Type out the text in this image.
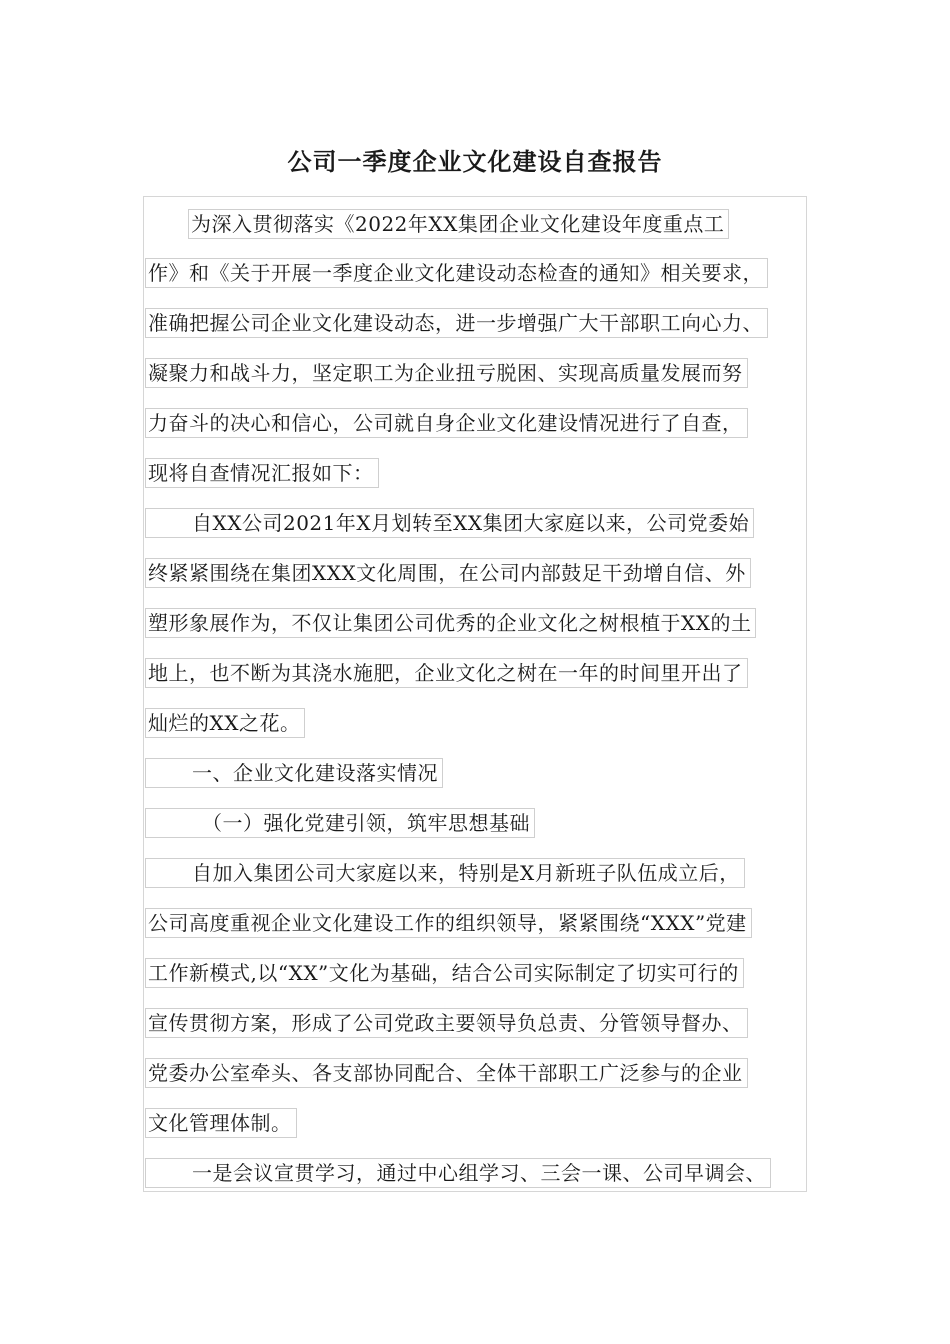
公司一季度企业文化建设自查报告
为深入贯彻落实《2022年XX集团企业文化建设年度重点工
作》和《关于开展一季度企业文化建设动态检查的通知》相关要求，
准确把握公司企业文化建设动态，进一步增强广大干部职工向心力、
凝聚力和战斗力，坚定职工为企业扭亏脱困、实现高质量发展而努
力奋斗的决心和信心，公司就自身企业文化建设情况进行了自查，
现将自查情况汇报如下：
自XX公司2021年X月划转至XX集团大家庭以来，公司党委始
终紧紧围绕在集团XXX文化周围，在公司内部鼓足干劲增自信、外
塑形象展作为，不仅让集团公司优秀的企业文化之树根植于XX的土
地上，也不断为其浇水施肥，企业文化之树在一年的时间里开出了
灿烂的XX之花。
一、企业文化建设落实情况
（一）强化党建引领，筑牢思想基础
自加入集团公司大家庭以来，特别是X月新班子队伍成立后，
公司高度重视企业文化建设工作的组织领导，紧紧围绕“XXX”党建
工作新模式,以“XX”文化为基础，结合公司实际制定了切实可行的
宣传贯彻方案，形成了公司党政主要领导负总责、分管领导督办、
党委办公室牵头、各支部协同配合、全体干部职工广泛参与的企业
文化管理体制。
一是会议宣贯学习，通过中心组学习、三会一课、公司早调会、
